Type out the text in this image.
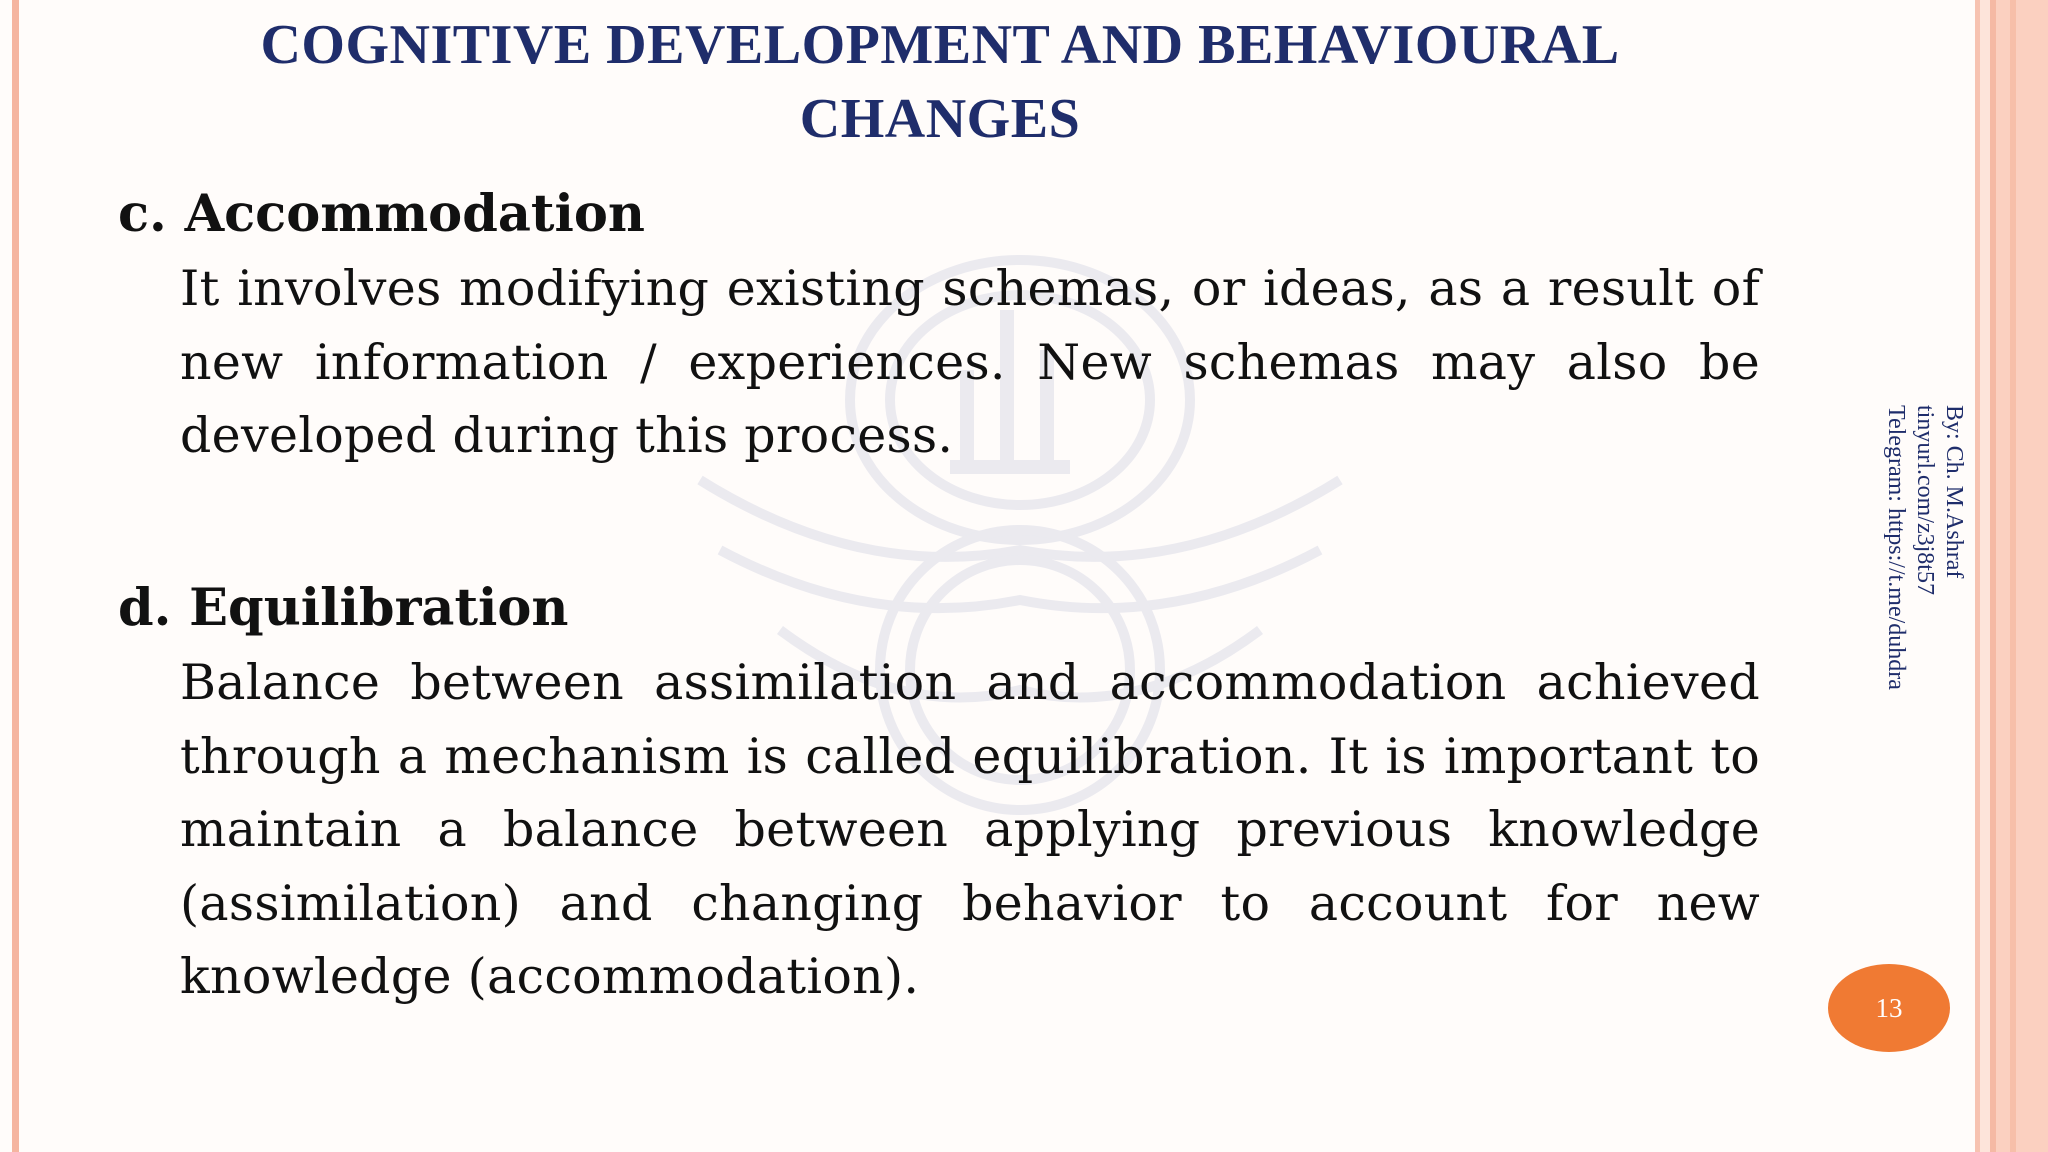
COGNITIVE DEVELOPMENT AND BEHAVIOURAL CHANGES
c. Accommodation
It involves modifying existing schemas, or ideas, as a result of new information / experiences. New schemas may also be developed during this process.
d. Equilibration
Balance between assimilation and accommodation achieved through a mechanism is called equilibration. It is important to maintain a balance between applying previous knowledge (assimilation) and changing behavior to account for new knowledge (accommodation).
By: Ch. M.Ashraf
tinyurl.com/z3j8t57
Telegram: https://t.me/duhdra
13
